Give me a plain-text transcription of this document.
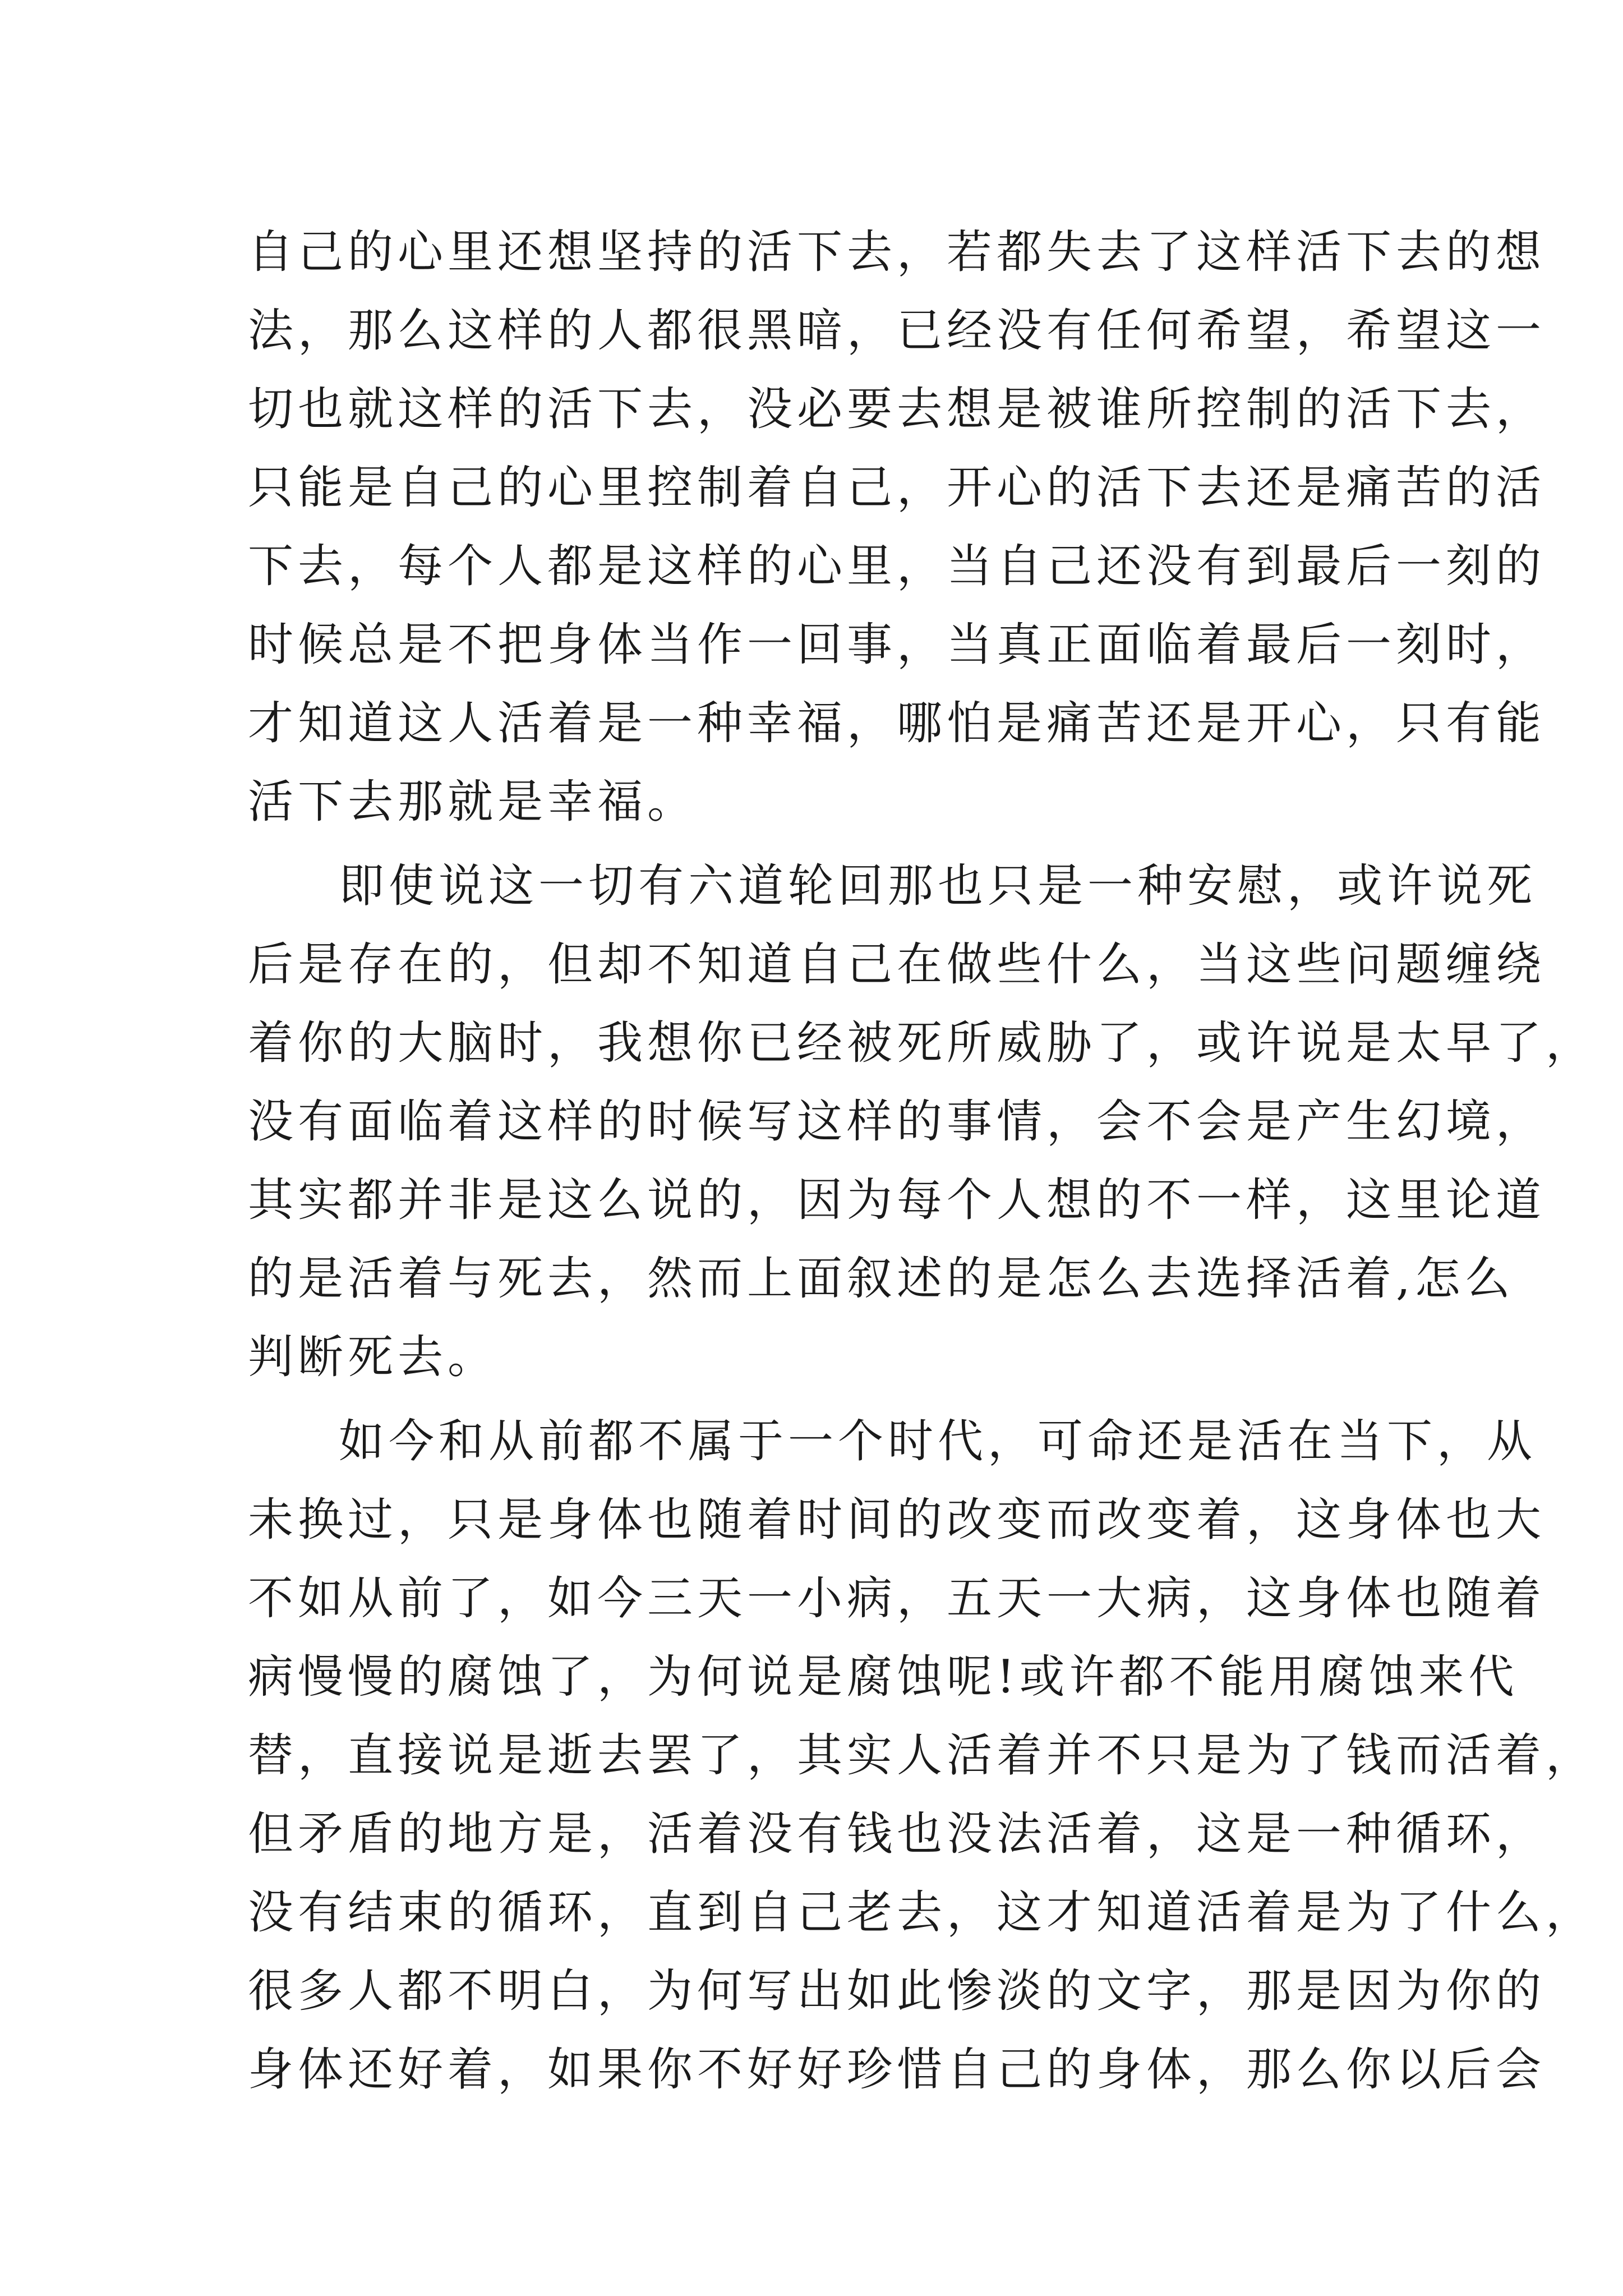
自己的心里还想坚持的活下去，若都失去了这样活下去的想
法，那么这样的人都很黑暗，已经没有任何希望，希望这一
切也就这样的活下去，没必要去想是被谁所控制的活下去，
只能是自己的心里控制着自己，开心的活下去还是痛苦的活
下去，每个人都是这样的心里，当自己还没有到最后一刻的
时候总是不把身体当作一回事，当真正面临着最后一刻时，
才知道这人活着是一种幸福，哪怕是痛苦还是开心，只有能
活下去那就是幸福。
即使说这一切有六道轮回那也只是一种安慰，或许说死
后是存在的，但却不知道自己在做些什么，当这些问题缠绕
着你的大脑时，我想你已经被死所威胁了，或许说是太早了，
没有面临着这样的时候写这样的事情，会不会是产生幻境，
其实都并非是这么说的，因为每个人想的不一样，这里论道
的是活着与死去，然而上面叙述的是怎么去选择活着,怎么
判断死去。
如今和从前都不属于一个时代，可命还是活在当下，从
未换过，只是身体也随着时间的改变而改变着，这身体也大
不如从前了，如今三天一小病，五天一大病，这身体也随着
病慢慢的腐蚀了，为何说是腐蚀呢!或许都不能用腐蚀来代
替，直接说是逝去罢了，其实人活着并不只是为了钱而活着，
但矛盾的地方是，活着没有钱也没法活着，这是一种循环，
没有结束的循环，直到自己老去，这才知道活着是为了什么，
很多人都不明白，为何写出如此惨淡的文字，那是因为你的
身体还好着，如果你不好好珍惜自己的身体，那么你以后会
